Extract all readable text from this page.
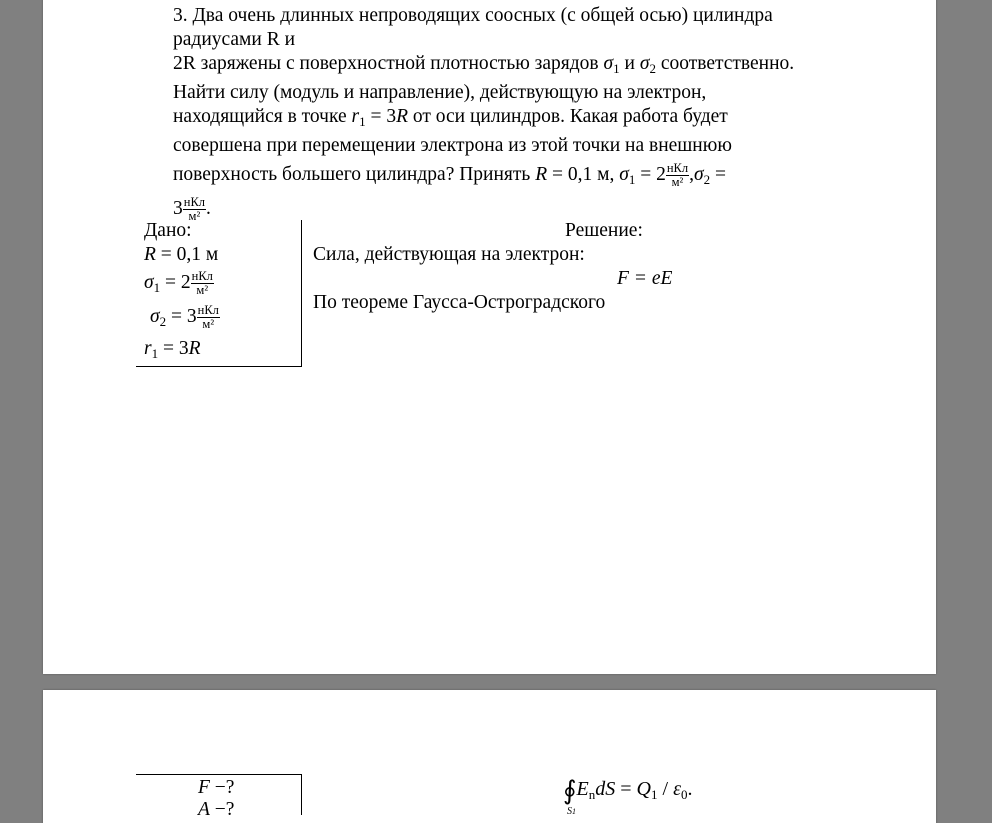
3. Два очень длинных непроводящих соосных (с общей осью) цилиндра
радиусами R и
2R заряжены с поверхностной плотностью зарядов $\sigma_1$ и $\sigma_2$ соответственно.
Найти силу (модуль и направление), действующую на электрон,
находящийся в точке $r_1 = 3R$ от оси цилиндров. Какая работа будет
совершена при перемещении электрона из этой точки на внешнюю
поверхность большего цилиндра? Принять R = 0,1 м, $\sigma_1 = 2 \frac{\text{нКл}}{\text{м²}} ,\sigma_2$ =
$3 \frac{\text{нКл}}{\text{м²}}$ .
Дано:
R = 0,1 м
$\sigma_1 = 2 \frac{\text{нКл}}{\text{м²}}$
$\sigma_2 = 3 \frac{\text{нКл}}{\text{м²}}$
$r_1 = 3R$
Решение:
Сила, действующая на электрон:
F = eE
По теореме Гаусса-Остроградского
F −?
A −?
$∮E_ndS = Q_1 / \varepsilon_0$.
S1
